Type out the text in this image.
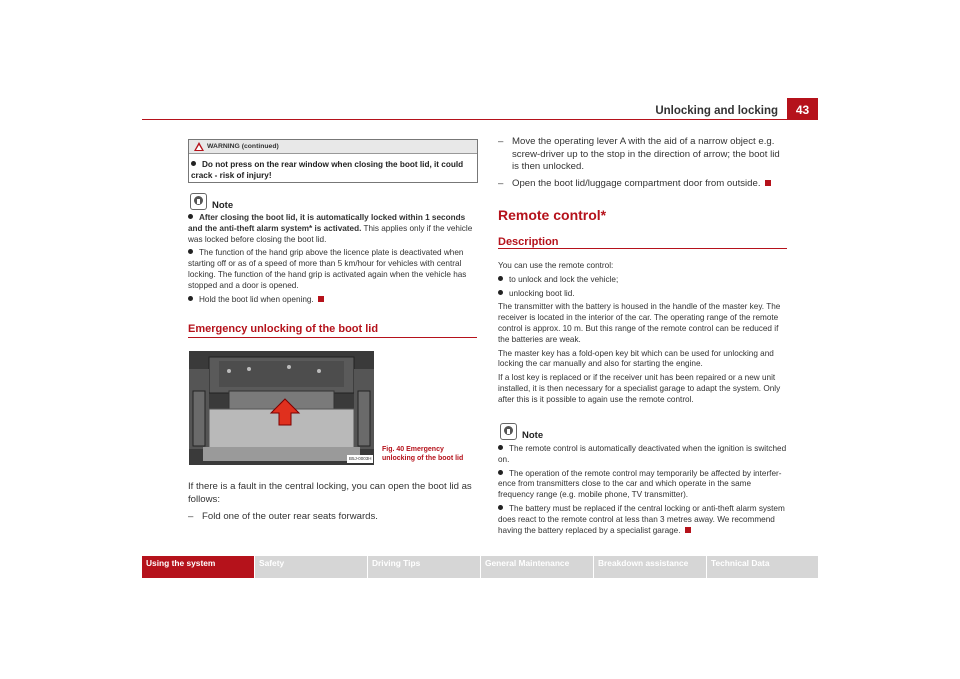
Unlocking and locking	43
WARNING (continued)
Do not press on the rear window when closing the boot lid, it could crack - risk of injury!
Note
After closing the boot lid, it is automatically locked within 1 seconds and the anti-theft alarm system* is activated. This applies only if the vehicle was locked before closing the boot lid.
The function of the hand grip above the licence plate is deactivated when starting off or as of a speed of more than 5 km/hour for vehicles with central locking. The function of the hand grip is activated again when the vehicle has stopped and a door is opened.
Hold the boot lid when opening.
Emergency unlocking of the boot lid
B5J-0003H
Fig. 40 Emergency
unlocking of the boot lid
If there is a fault in the central locking, you can open the boot lid as follows:
– Fold one of the outer rear seats forwards.
– Move the operating lever A with the aid of a narrow object e.g. screw-driver up to the stop in the direction of arrow; the boot lid is then unlocked.
– Open the boot lid/luggage compartment door from outside.
Remote control*
Description

You can use the remote control:

to unlock and lock the vehicle;
unlocking boot lid.

The transmitter with the battery is housed in the handle of the master key. The receiver is located in the interior of the car. The operating range of the remote control is approx. 10 m. But this range of the remote control can be reduced if the batteries are weak.

The master key has a fold-open key bit which can be used for unlocking and locking the car manually and also for starting the engine.

If a lost key is replaced or if the receiver unit has been repaired or a new unit installed, it is then necessary for a specialist garage to adapt the system. Only after this is it possible to again use the remote control.

Note
The remote control is automatically deactivated when the ignition is switched on.
The operation of the remote control may temporarily be affected by interfer-ence from transmitters close to the car and which operate in the same frequency range (e.g. mobile phone, TV transmitter).
The battery must be replaced if the central locking or anti-theft alarm system does react to the remote control at less than 3 metres away. We recommend having the battery replaced by a specialist garage.
Using the system	Safety	Driving Tips	General Maintenance	Breakdown assistance	Technical Data
